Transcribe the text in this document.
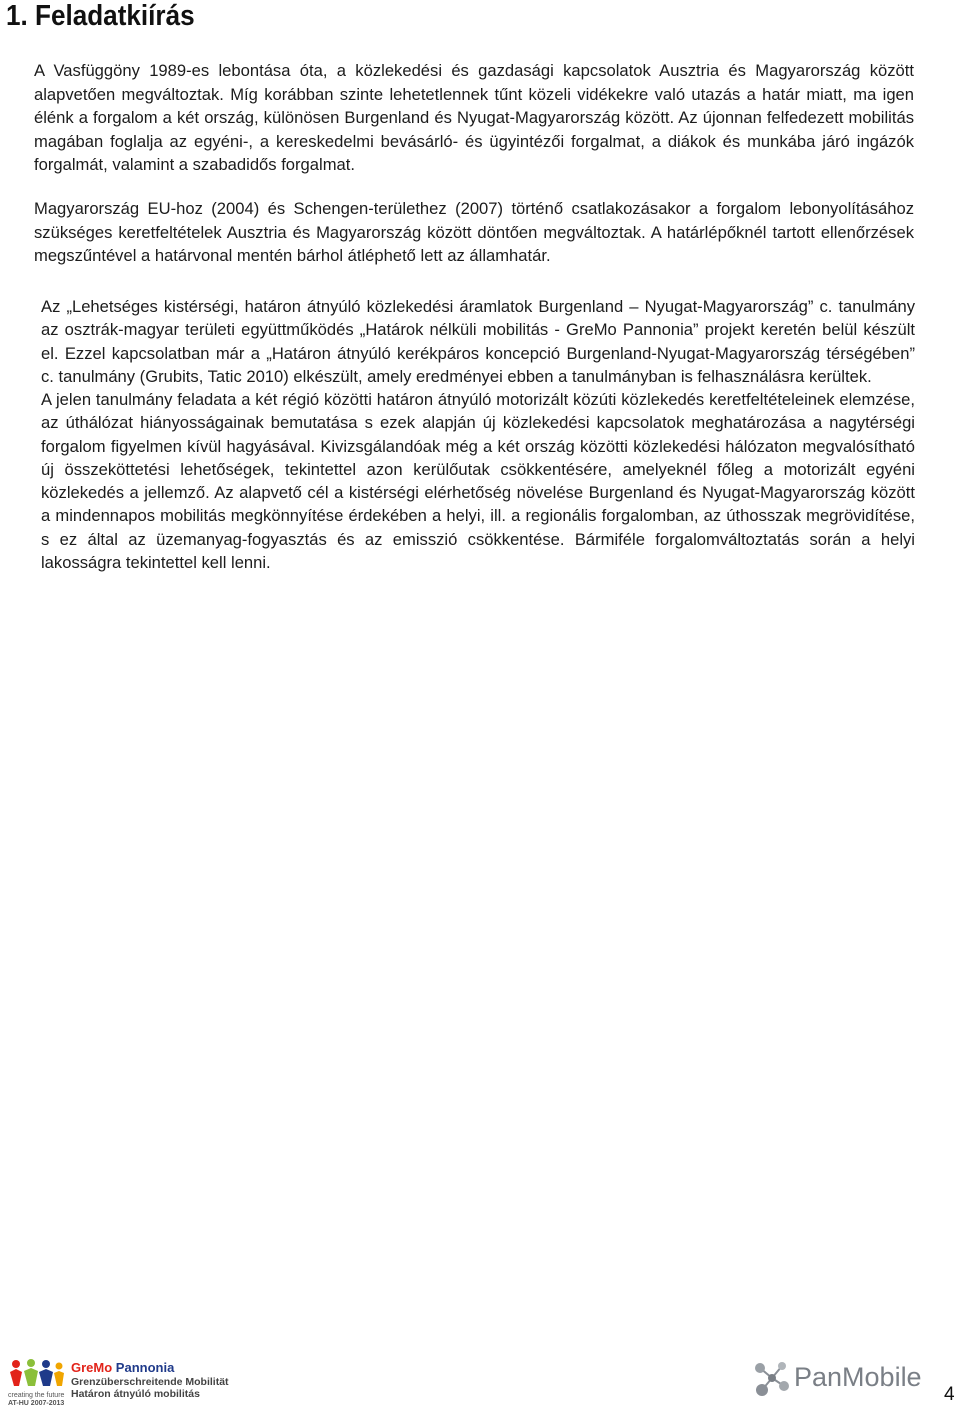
1. Feladatkiírás

A Vasfüggöny 1989-es lebontása óta, a közlekedési és gazdasági kapcsolatok Ausztria és Magyarország között alapvetően megváltoztak. Míg korábban szinte lehetetlennek tűnt közeli vidékekre való utazás a határ miatt, ma igen élénk a forgalom a két ország, különösen Burgenland és Nyugat-Magyarország között. Az újonnan felfedezett mobilitás magában foglalja az egyéni-, a kereskedelmi bevásárló- és ügyintézői forgalmat, a diákok és munkába járó ingázók forgalmát, valamint a szabadidős forgalmat.

Magyarország EU-hoz (2004) és Schengen-területhez (2007) történő csatlakozásakor a forgalom lebonyolításához szükséges keretfeltételek Ausztria és Magyarország között döntően megváltoztak. A határlépőknél tartott ellenőrzések megszűntével a határvonal mentén bárhol átléphető lett az államhatár.

Az „Lehetséges kistérségi, határon átnyúló közlekedési áramlatok Burgenland – Nyugat-Magyarország” c. tanulmány az osztrák-magyar területi együttműködés „Határok nélküli mobilitás - GreMo Pannonia” projekt keretén belül készült el. Ezzel kapcsolatban már a „Határon átnyúló kerékpáros koncepció Burgenland-Nyugat-Magyarország térségében” c. tanulmány (Grubits, Tatic 2010) elkészült, amely eredményei ebben a tanulmányban is felhasználásra kerültek.

A jelen tanulmány feladata a két régió közötti határon átnyúló motorizált közúti közlekedés keretfeltételeinek elemzése, az úthálózat hiányosságainak bemutatása s ezek alapján új közlekedési kapcsolatok meghatározása a nagytérségi forgalom figyelmen kívül hagyásával. Kivizsgálandóak még a két ország közötti közlekedési hálózaton megvalósítható új összeköttetési lehetőségek, tekintettel azon kerülőutak csökkentésére, amelyeknél főleg a motorizált egyéni közlekedés a jellemző. Az alapvető cél a kistérségi elérhetőség növelése Burgenland és Nyugat-Magyarország között a mindennapos mobilitás megkönnyítése érdekében a helyi, ill. a regionális forgalomban, az úthosszak megrövidítése, s ez által az üzemanyag-fogyasztás és az emisszió csökkentése. Bármiféle forgalomváltoztatás során a helyi lakosságra tekintettel kell lenni.

creating the future
AT-HU 2007-2013
GreMo Pannonia
Grenzüberschreitende Mobilität
Határon átnyúló mobilitás
PanMobile
4
